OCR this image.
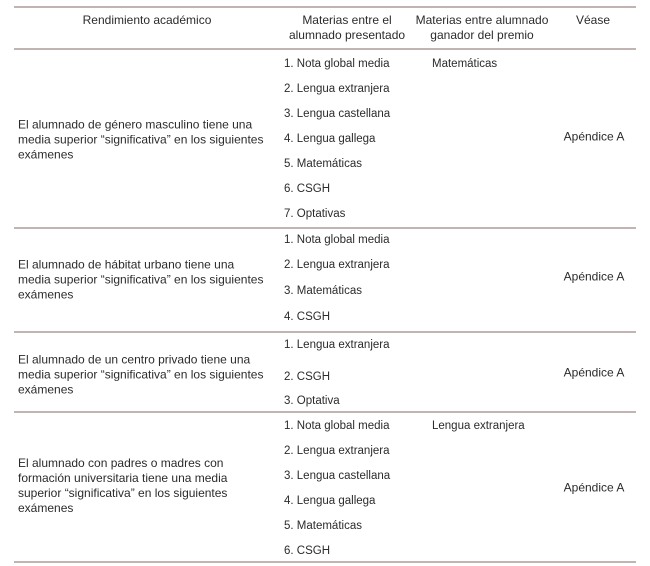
Rendimiento académico	Materias entre el
alumnado presentado
Materias entre alumnado
ganador del premio
Véase
El alumnado de género masculino tiene una
media superior “significativa” en los siguientes
exámenes
1. Nota global media
2. Lengua extranjera
3. Lengua castellana
4. Lengua gallega
5. Matemáticas
6. CSGH
7. Optativas
Matemáticas
Apéndice A
El alumnado de hábitat urbano tiene una
media superior “significativa” en los siguientes
exámenes
1. Nota global media
2. Lengua extranjera
3. Matemáticas
4. CSGH
Apéndice A
El alumnado de un centro privado tiene una
media superior “significativa” en los siguientes
exámenes
1. Lengua extranjera
2. CSGH
3. Optativa
Apéndice A
El alumnado con padres o madres con
formación universitaria tiene una media
superior “significativa” en los siguientes
exámenes
1. Nota global media
2. Lengua extranjera
3. Lengua castellana
4. Lengua gallega
5. Matemáticas
6. CSGH
Lengua extranjera
Apéndice A
